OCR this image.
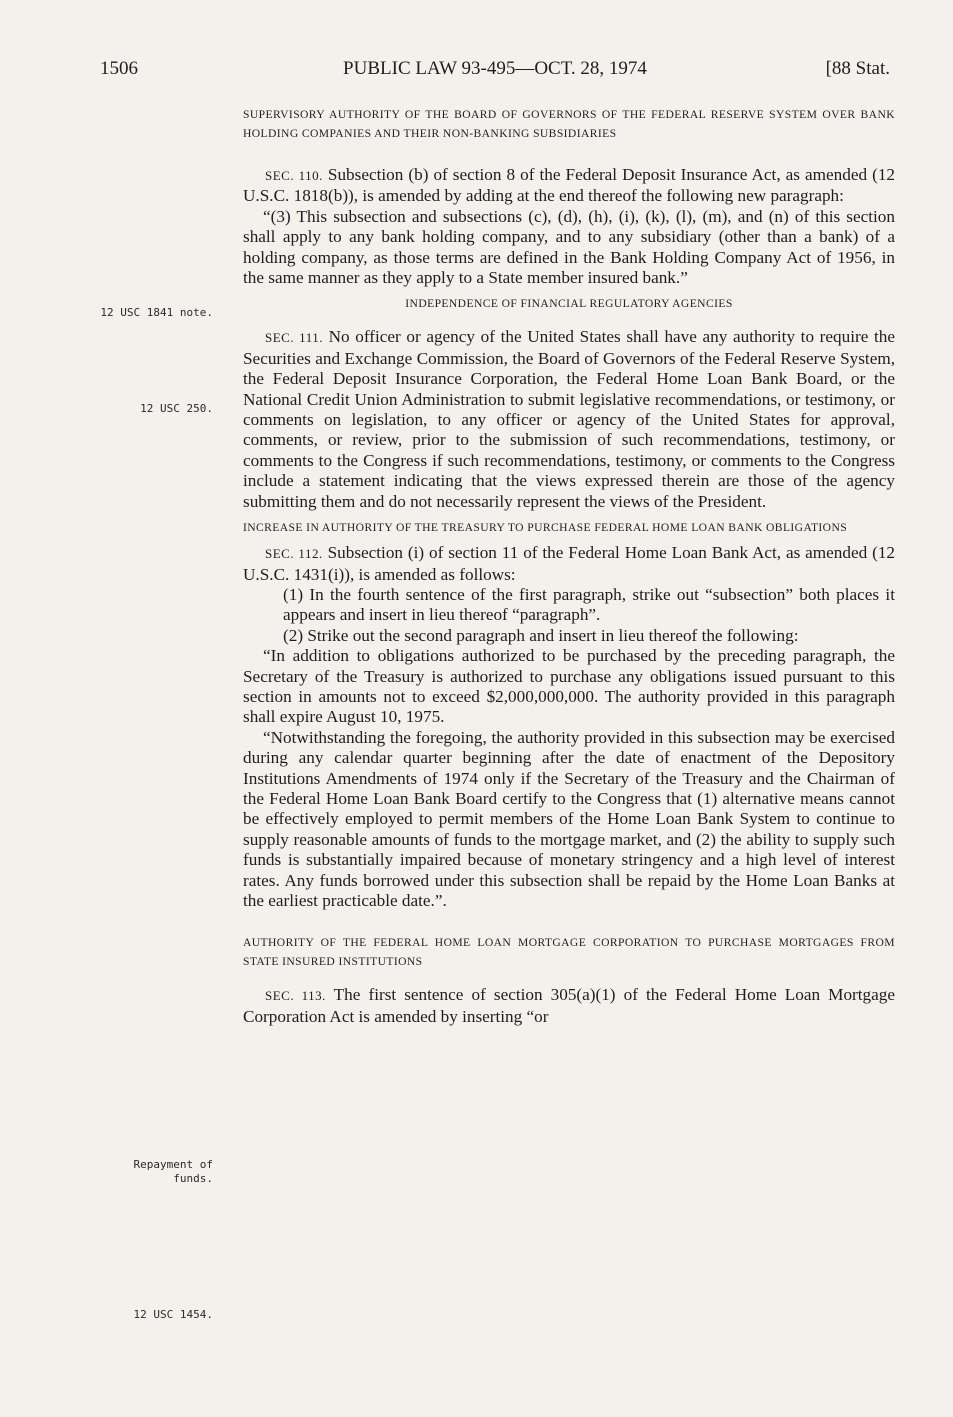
1506	PUBLIC LAW 93-495—OCT. 28, 1974	[88 Stat.
12 USC 1841 note.
12 USC 250.
Repayment of funds.
12 USC 1454.
SUPERVISORY AUTHORITY OF THE BOARD OF GOVERNORS OF THE FEDERAL RESERVE SYSTEM OVER BANK HOLDING COMPANIES AND THEIR NON-BANKING SUBSIDIARIES

SEC. 110. Subsection (b) of section 8 of the Federal Deposit Insurance Act, as amended (12 U.S.C. 1818(b)), is amended by adding at the end thereof the following new paragraph:

“(3) This subsection and subsections (c), (d), (h), (i), (k), (l), (m), and (n) of this section shall apply to any bank holding company, and to any subsidiary (other than a bank) of a holding company, as those terms are defined in the Bank Holding Company Act of 1956, in the same manner as they apply to a State member insured bank.”

INDEPENDENCE OF FINANCIAL REGULATORY AGENCIES

SEC. 111. No officer or agency of the United States shall have any authority to require the Securities and Exchange Commission, the Board of Governors of the Federal Reserve System, the Federal Deposit Insurance Corporation, the Federal Home Loan Bank Board, or the National Credit Union Administration to submit legislative recommendations, or testimony, or comments on legislation, to any officer or agency of the United States for approval, comments, or review, prior to the submission of such recommendations, testimony, or comments to the Congress if such recommendations, testimony, or comments to the Congress include a statement indicating that the views expressed therein are those of the agency submitting them and do not necessarily represent the views of the President.

INCREASE IN AUTHORITY OF THE TREASURY TO PURCHASE FEDERAL HOME LOAN BANK OBLIGATIONS

SEC. 112. Subsection (i) of section 11 of the Federal Home Loan Bank Act, as amended (12 U.S.C. 1431(i)), is amended as follows:

(1) In the fourth sentence of the first paragraph, strike out “subsection” both places it appears and insert in lieu thereof “paragraph”.

(2) Strike out the second paragraph and insert in lieu thereof the following:

“In addition to obligations authorized to be purchased by the preceding paragraph, the Secretary of the Treasury is authorized to purchase any obligations issued pursuant to this section in amounts not to exceed $2,000,000,000. The authority provided in this paragraph shall expire August 10, 1975.

“Notwithstanding the foregoing, the authority provided in this subsection may be exercised during any calendar quarter beginning after the date of enactment of the Depository Institutions Amendments of 1974 only if the Secretary of the Treasury and the Chairman of the Federal Home Loan Bank Board certify to the Congress that (1) alternative means cannot be effectively employed to permit members of the Home Loan Bank System to continue to supply reasonable amounts of funds to the mortgage market, and (2) the ability to supply such funds is substantially impaired because of monetary stringency and a high level of interest rates. Any funds borrowed under this subsection shall be repaid by the Home Loan Banks at the earliest practicable date.”.

AUTHORITY OF THE FEDERAL HOME LOAN MORTGAGE CORPORATION TO PURCHASE MORTGAGES FROM STATE INSURED INSTITUTIONS

SEC. 113. The first sentence of section 305(a)(1) of the Federal Home Loan Mortgage Corporation Act is amended by inserting “or
